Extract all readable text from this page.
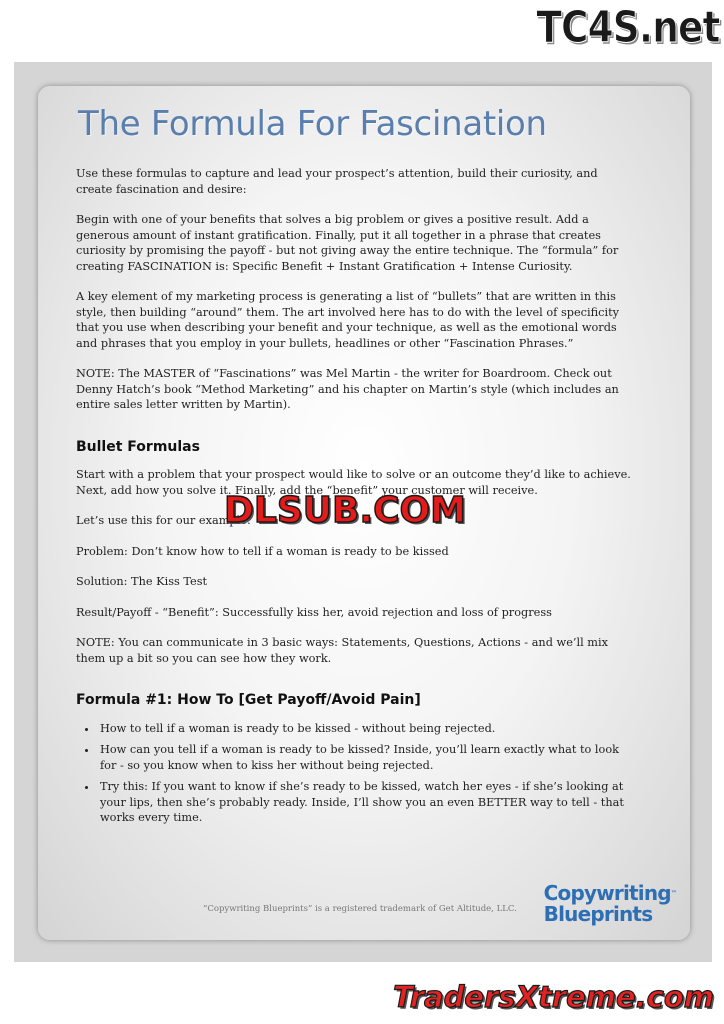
TC4S.net
The Formula For Fascination

Use these formulas to capture and lead your prospect’s attention, build their curiosity, and create fascination and desire:

Begin with one of your benefits that solves a big problem or gives a positive result. Add a generous amount of instant gratification. Finally, put it all together in a phrase that creates curiosity by promising the payoff - but not giving away the entire technique. The “formula” for creating FASCINATION is: Specific Benefit + Instant Gratification + Intense Curiosity.

A key element of my marketing process is generating a list of “bullets” that are written in this style, then building “around” them. The art involved here has to do with the level of specificity that you use when describing your benefit and your technique, as well as the emotional words and phrases that you employ in your bullets, headlines or other “Fascination Phrases.”

NOTE: The MASTER of “Fascinations” was Mel Martin - the writer for Boardroom. Check out Denny Hatch’s book “Method Marketing” and his chapter on Martin’s style (which includes an entire sales letter written by Martin).

Bullet Formulas

Start with a problem that your prospect would like to solve or an outcome they’d like to achieve. Next, add how you solve it. Finally, add the “benefit” your customer will receive.

Let’s use this for our example:

Problem: Don’t know how to tell if a woman is ready to be kissed

Solution: The Kiss Test

Result/Payoff - “Benefit”: Successfully kiss her, avoid rejection and loss of progress

NOTE: You can communicate in 3 basic ways: Statements, Questions, Actions - and we’ll mix them up a bit so you can see how they work.

Formula #1: How To [Get Payoff/Avoid Pain]
• How to tell if a woman is ready to be kissed - without being rejected.
• How can you tell if a woman is ready to be kissed? Inside, you’ll learn exactly what to look for - so you know when to kiss her without being rejected.
• Try this: If you want to know if she’s ready to be kissed, watch her eyes - if she’s looking at your lips, then she’s probably ready. Inside, I’ll show you an even BETTER way to tell - that works every time.
“Copywriting Blueprints” is a registered trademark of Get Altitude, LLC.
Copywriting™
Blueprints
DLSUB.COM
TradersXtreme.com
